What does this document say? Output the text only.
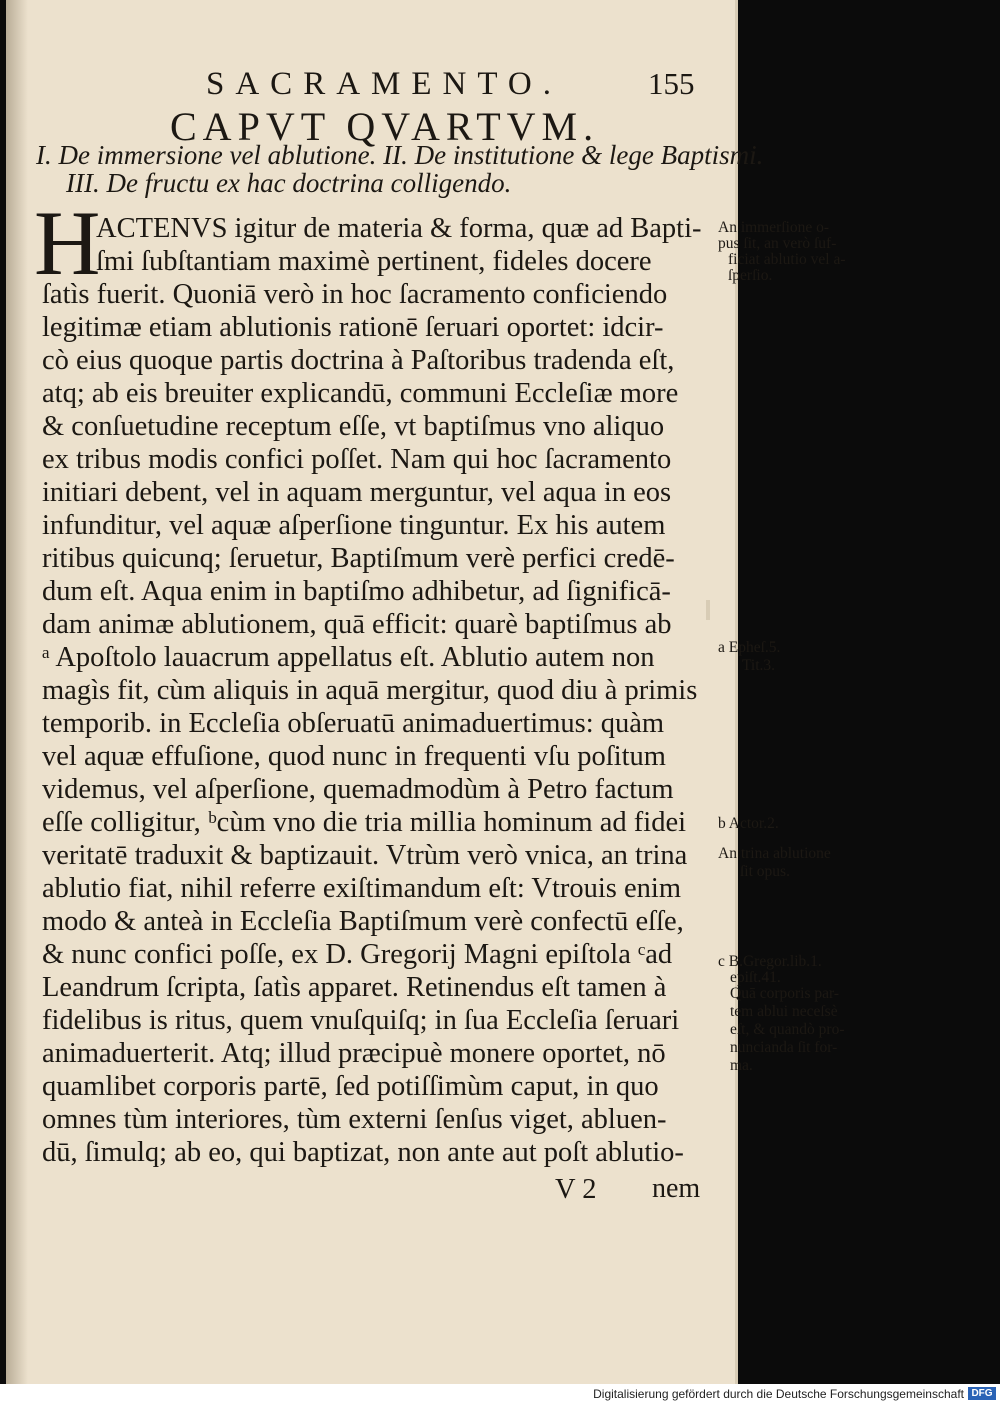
SACRAMENTO.	155
CAPVT QVARTVM.
I. De immersione vel ablutione. II. De institutione & lege Baptismi.
III. De fructu ex hac doctrina colligendo.
H
ACTENVS igitur de materia & forma, quæ ad Bapti-
ſmi ſubſtantiam maximè pertinent, fideles docere
ſatìs fuerit. Quoniā verò in hoc ſacramento conficiendo
legitimæ etiam ablutionis rationē ſeruari oportet: idcir-
cò eius quoque partis doctrina à Paſtoribus tradenda eſt,
atq; ab eis breuiter explicandū, communi Eccleſiæ more
& conſuetudine receptum eſſe, vt baptiſmus vno aliquo
ex tribus modis confici poſſet. Nam qui hoc ſacramento
initiari debent, vel in aquam merguntur, vel aqua in eos
infunditur, vel aquæ aſperſione tinguntur. Ex his autem
ritibus quicunq; ſeruetur, Baptiſmum verè perfici credē-
dum eſt. Aqua enim in baptiſmo adhibetur, ad ſignificā-
dam animæ ablutionem, quā efficit: quarè baptiſmus ab
ᵃ Apoſtolo lauacrum appellatus eſt. Ablutio autem non
magìs fit, cùm aliquis in aquā mergitur, quod diu à primis
temporib. in Eccleſia obſeruatū animaduertimus: quàm
vel aquæ effuſione, quod nunc in frequenti vſu poſitum
videmus, vel aſperſione, quemadmodùm à Petro factum
eſſe colligitur, ᵇcùm vno die tria millia hominum ad fidei
veritatē traduxit & baptizauit. Vtrùm verò vnica, an trina
ablutio fiat, nihil referre exiſtimandum eſt: Vtrouis enim
modo & anteà in Eccleſia Baptiſmum verè confectū eſſe,
& nunc confici poſſe, ex D. Gregorij Magni epiſtola ᶜad
Leandrum ſcripta, ſatìs apparet. Retinendus eſt tamen à
fidelibus is ritus, quem vnuſquiſq; in ſua Eccleſia ſeruari
animaduerterit. Atq; illud præcipuè monere oportet, nō
quamlibet corporis partē, ſed potiſſimùm caput, in quo
omnes tùm interiores, tùm externi ſenſus viget, abluen-
dū, ſimulq; ab eo, qui baptizat, non ante aut poſt ablutio-
V 2 nem
An immerſione o-
pus ſit, an verò ſuf-
ficiat ablutio vel a-
ſperſio.
a Epheſ.5.
Tit.3.
b Actor.2.
An trina ablutione
ſit opus.
c B.Gregor.lib.1.
epiſt.41.
Quā corporis par-
tem ablui neceſsè
eſt, & quandò pro-
nuncianda ſit for-
ma.
Digitalisierung gefördert durch die Deutsche Forschungsgemeinschaft DFG
